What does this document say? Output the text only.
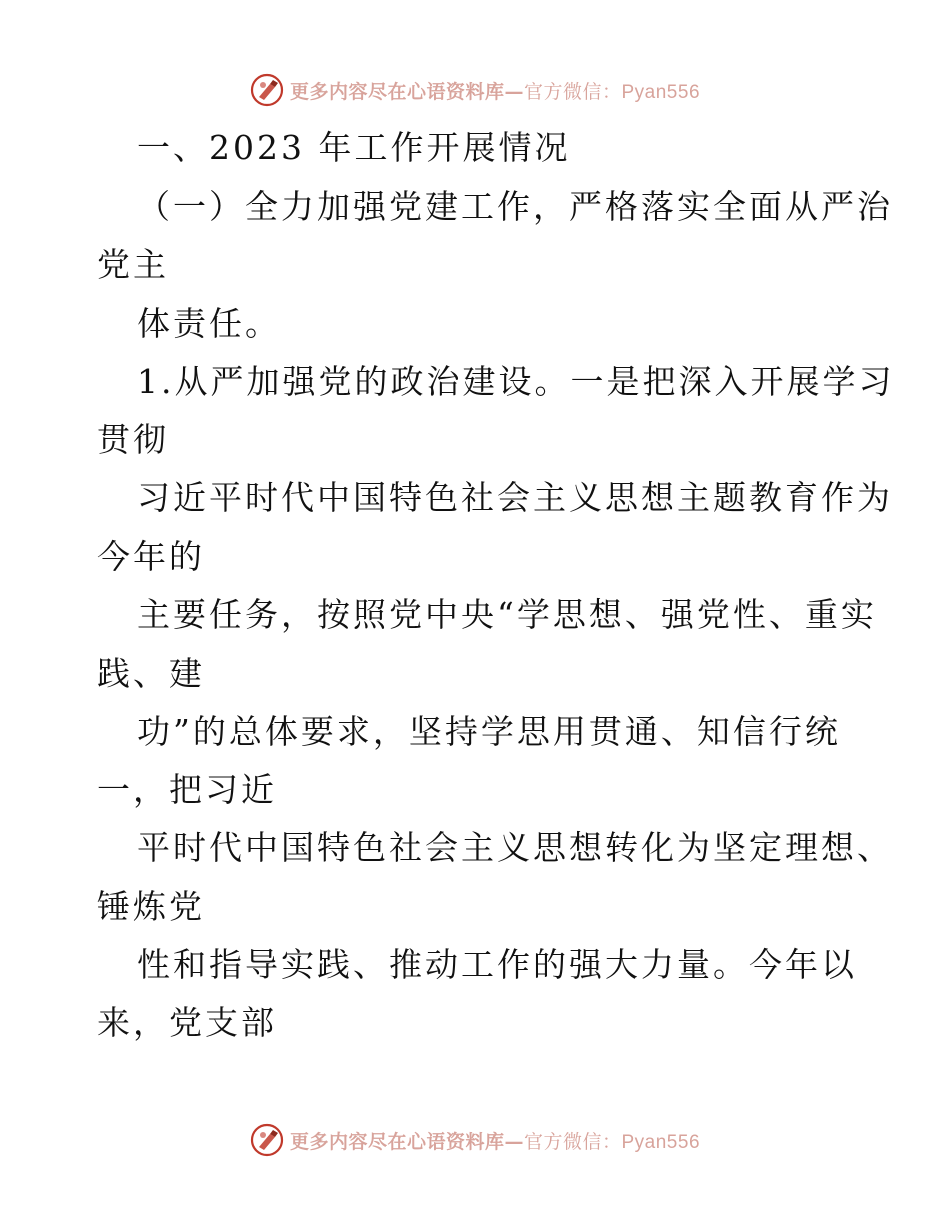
更多内容尽在心语资料库—官方微信：Pyan556
一、2023 年工作开展情况
（一）全力加强党建工作，严格落实全面从严治
党主
体责任。
1.从严加强党的政治建设。一是把深入开展学习
贯彻
习近平时代中国特色社会主义思想主题教育作为
今年的
主要任务，按照党中央“学思想、强党性、重实
践、建
功”的总体要求，坚持学思用贯通、知信行统
一，把习近
平时代中国特色社会主义思想转化为坚定理想、
锤炼党
性和指导实践、推动工作的强大力量。今年以
来，党支部
更多内容尽在心语资料库—官方微信：Pyan556
